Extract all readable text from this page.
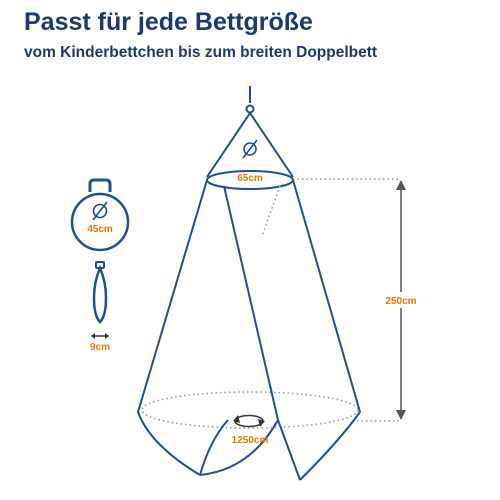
Passt für jede Bettgröße
vom Kinderbettchen bis zum breiten Doppelbett
65cm
250cm
1250cm
45cm
9cm
